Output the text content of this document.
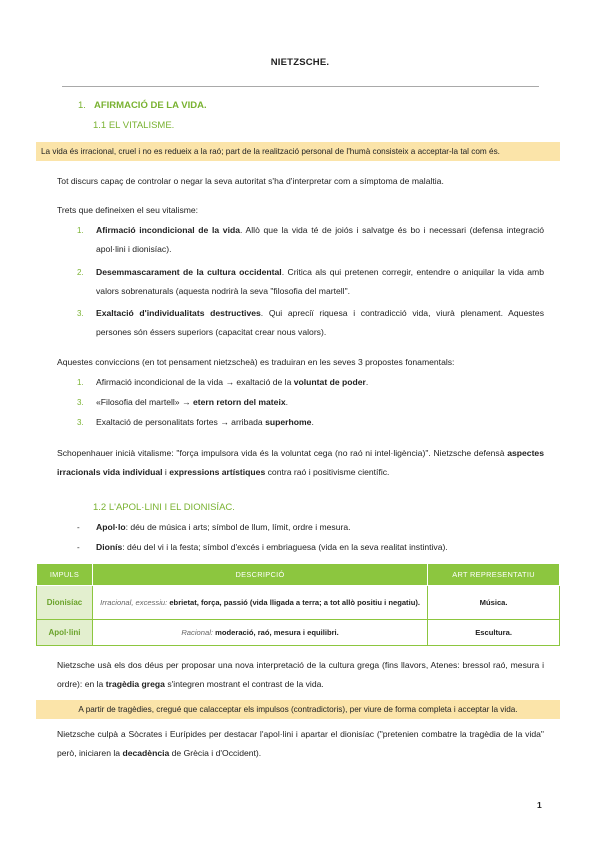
NIETZSCHE.
1. AFIRMACIÓ DE LA VIDA.
1.1 EL VITALISME.
La vida és irracional, cruel i no es redueix a la raó; part de la realització personal de l'humà consisteix a acceptar-la tal com és.
Tot discurs capaç de controlar o negar la seva autoritat s'ha d'interpretar com a símptoma de malaltia.
Trets que defineixen el seu vitalisme:
1. Afirmació incondicional de la vida. Allò que la vida té de joiós i salvatge és bo i necessari (defensa integració apol·lini i dionisíac).
2. Desemmascarament de la cultura occidental. Critica als qui pretenen corregir, entendre o aniquilar la vida amb valors sobrenaturals (aquesta nodrirà la seva "filosofia del martell".
3. Exaltació d'individualitats destructives. Qui apreciï riquesa i contradicció vida, viurà plenament. Aquestes persones són éssers superiors (capacitat crear nous valors).
Aquestes conviccions (en tot pensament nietzscheà) es traduiran en les seves 3 propostes fonamentals:
1. Afirmació incondicional de la vida → exaltació de la voluntat de poder.
3. «Filosofia del martell» → etern retorn del mateix.
3. Exaltació de personalitats fortes → arribada superhome.
Schopenhauer inicià vitalisme: "força impulsora vida és la voluntat cega (no raó ni intel·ligència)". Nietzsche defensà aspectes irracionals vida individual i expressions artístiques contra raó i positivisme científic.
1.2 L'APOL·LINI I EL DIONISÍAC.
- Apol·lo: déu de música i arts; símbol de llum, límit, ordre i mesura.
- Dionís: déu del vi i la festa; símbol d'excés i embriaguesa (vida en la seva realitat instintiva).
IMPULS	DESCRIPCIÓ	ART REPRESENTATIU
Dionisíac	Irracional, excessiu: ebrietat, força, passió (vida lligada a terra; a tot allò positiu i negatiu).	Música.
Apol·lini	Racional: moderació, raó, mesura i equilibri.	Escultura.
Nietzsche usà els dos déus per proposar una nova interpretació de la cultura grega (fins llavors, Atenes: bressol raó, mesura i ordre): en la tragèdia grega s'integren mostrant el contrast de la vida.
A partir de tragèdies, cregué que calacceptar els impulsos (contradictoris), per viure de forma completa i acceptar la vida.
Nietzsche culpà a Sòcrates i Eurípides per destacar l'apol·lini i apartar el dionisíac ("pretenien combatre la tragèdia de la vida" però, iniciaren la decadència de Grècia i d'Occident).
1
